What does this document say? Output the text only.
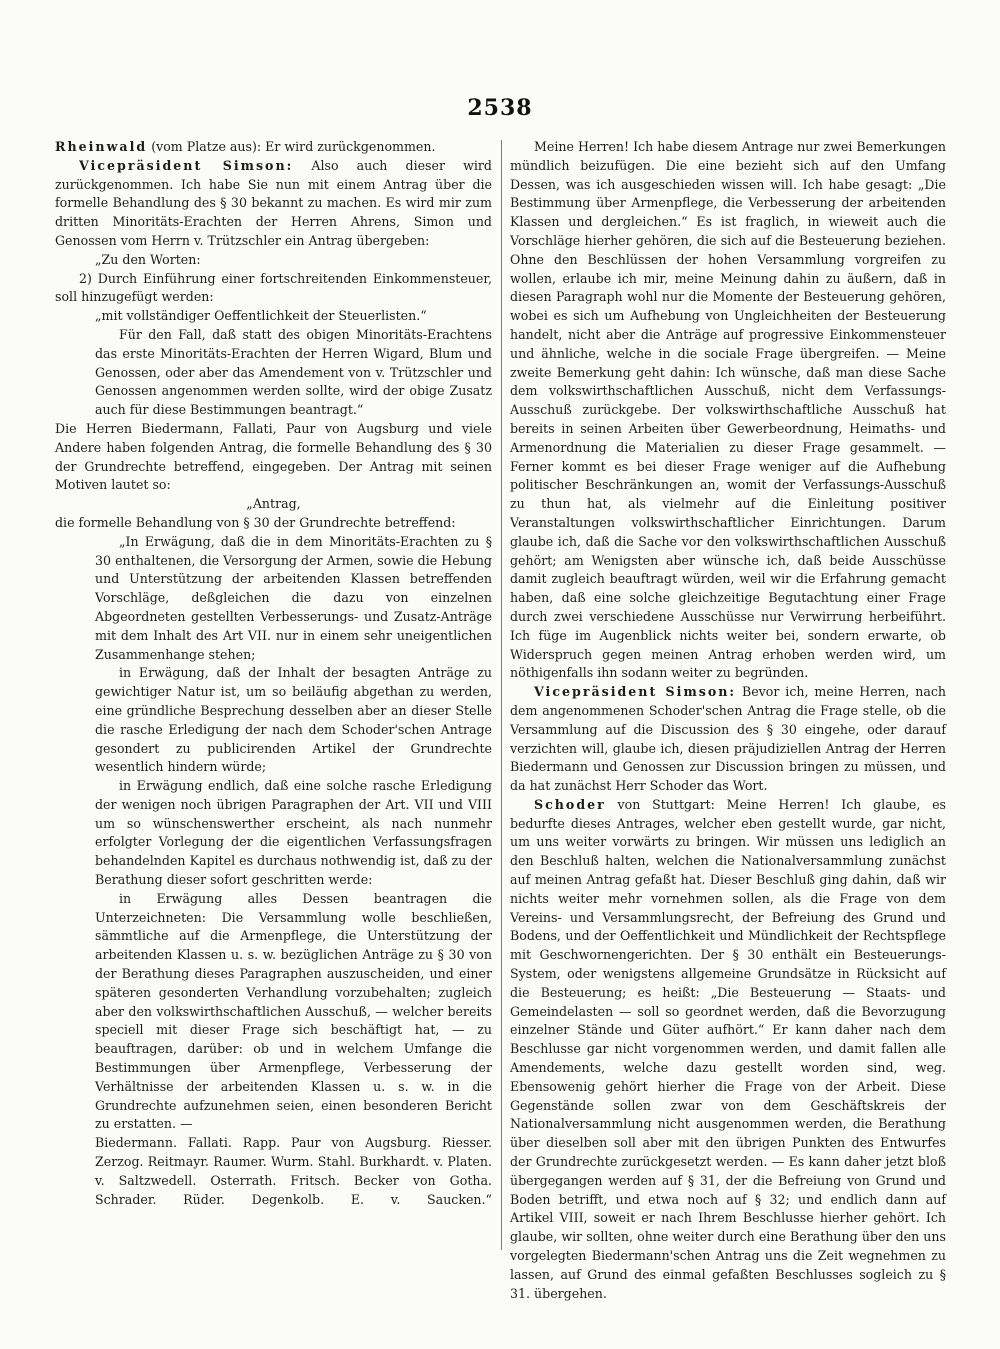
2538

Rheinwald (vom Platze aus): Er wird zurückgenommen.

Vicepräsident Simson: Also auch dieser wird zurückgenommen. Ich habe Sie nun mit einem Antrag über die formelle Behandlung des § 30 bekannt zu machen. Es wird mir zum dritten Minoritäts-Erachten der Herren Ahrens, Simon und Genossen vom Herrn v. Trützschler ein Antrag übergeben:

„Zu den Worten:

2) Durch Einführung einer fortschreitenden Einkommensteuer, soll hinzugefügt werden:

„mit vollständiger Oeffentlichkeit der Steuerlisten.“

Für den Fall, daß statt des obigen Minoritäts-Erachtens das erste Minoritäts-Erachten der Herren Wigard, Blum und Genossen, oder aber das Amendement von v. Trützschler und Genossen angenommen werden sollte, wird der obige Zusatz auch für diese Bestimmungen beantragt.“

Die Herren Biedermann, Fallati, Paur von Augsburg und viele Andere haben folgenden Antrag, die formelle Behandlung des § 30 der Grundrechte betreffend, eingegeben. Der Antrag mit seinen Motiven lautet so:

„Antrag,

die formelle Behandlung von § 30 der Grundrechte betreffend:

„In Erwägung, daß die in dem Minoritäts-Erachten zu § 30 enthaltenen, die Versorgung der Armen, sowie die Hebung und Unterstützung der arbeitenden Klassen betreffenden Vorschläge, deßgleichen die dazu von einzelnen Abgeordneten gestellten Verbesserungs- und Zusatz-Anträge mit dem Inhalt des Art VII. nur in einem sehr uneigentlichen Zusammenhange stehen;

in Erwägung, daß der Inhalt der besagten Anträge zu gewichtiger Natur ist, um so beiläufig abgethan zu werden, eine gründliche Besprechung desselben aber an dieser Stelle die rasche Erledigung der nach dem Schoder'schen Antrage gesondert zu publicirenden Artikel der Grundrechte wesentlich hindern würde;

in Erwägung endlich, daß eine solche rasche Erledigung der wenigen noch übrigen Paragraphen der Art. VII und VIII um so wünschenswerther erscheint, als nach nunmehr erfolgter Vorlegung der die eigentlichen Verfassungsfragen behandelnden Kapitel es durchaus nothwendig ist, daß zu der Berathung dieser sofort geschritten werde:

in Erwägung alles Dessen beantragen die Unterzeichneten: Die Versammlung wolle beschließen, sämmtliche auf die Armenpflege, die Unterstützung der arbeitenden Klassen u. s. w. bezüglichen Anträge zu § 30 von der Berathung dieses Paragraphen auszuscheiden, und einer späteren gesonderten Verhandlung vorzubehalten; zugleich aber den volkswirthschaftlichen Ausschuß, — welcher bereits speciell mit dieser Frage sich beschäftigt hat, — zu beauftragen, darüber: ob und in welchem Umfange die Bestimmungen über Armenpflege, Verbesserung der Verhältnisse der arbeitenden Klassen u. s. w. in die Grundrechte aufzunehmen seien, einen besonderen Bericht zu erstatten. —

Biedermann. Fallati. Rapp. Paur von Augsburg. Riesser. Zerzog. Reitmayr. Raumer. Wurm. Stahl. Burkhardt. v. Platen. v. Saltzwedell. Osterrath. Fritsch. Becker von Gotha. Schrader. Rüder. Degenkolb. E. v. Saucken.“

Meine Herren! Ich habe diesem Antrage nur zwei Bemerkungen mündlich beizufügen. Die eine bezieht sich auf den Umfang Dessen, was ich ausgeschieden wissen will. Ich habe gesagt: „Die Bestimmung über Armenpflege, die Verbesserung der arbeitenden Klassen und dergleichen.“ Es ist fraglich, in wieweit auch die Vorschläge hierher gehören, die sich auf die Besteuerung beziehen. Ohne den Beschlüssen der hohen Versammlung vorgreifen zu wollen, erlaube ich mir, meine Meinung dahin zu äußern, daß in diesen Paragraph wohl nur die Momente der Besteuerung gehören, wobei es sich um Aufhebung von Ungleichheiten der Besteuerung handelt, nicht aber die Anträge auf progressive Einkommensteuer und ähnliche, welche in die sociale Frage übergreifen. — Meine zweite Bemerkung geht dahin: Ich wünsche, daß man diese Sache dem volkswirthschaftlichen Ausschuß, nicht dem Verfassungs-Ausschuß zurückgebe. Der volkswirthschaftliche Ausschuß hat bereits in seinen Arbeiten über Gewerbeordnung, Heimaths- und Armenordnung die Materialien zu dieser Frage gesammelt. — Ferner kommt es bei dieser Frage weniger auf die Aufhebung politischer Beschränkungen an, womit der Verfassungs-Ausschuß zu thun hat, als vielmehr auf die Einleitung positiver Veranstaltungen volkswirthschaftlicher Einrichtungen. Darum glaube ich, daß die Sache vor den volkswirthschaftlichen Ausschuß gehört; am Wenigsten aber wünsche ich, daß beide Ausschüsse damit zugleich beauftragt würden, weil wir die Erfahrung gemacht haben, daß eine solche gleichzeitige Begutachtung einer Frage durch zwei verschiedene Ausschüsse nur Verwirrung herbeiführt. Ich füge im Augenblick nichts weiter bei, sondern erwarte, ob Widerspruch gegen meinen Antrag erhoben werden wird, um nöthigenfalls ihn sodann weiter zu begründen.

Vicepräsident Simson: Bevor ich, meine Herren, nach dem angenommenen Schoder'schen Antrag die Frage stelle, ob die Versammlung auf die Discussion des § 30 eingehe, oder darauf verzichten will, glaube ich, diesen präjudiziellen Antrag der Herren Biedermann und Genossen zur Discussion bringen zu müssen, und da hat zunächst Herr Schoder das Wort.

Schoder von Stuttgart: Meine Herren! Ich glaube, es bedurfte dieses Antrages, welcher eben gestellt wurde, gar nicht, um uns weiter vorwärts zu bringen. Wir müssen uns lediglich an den Beschluß halten, welchen die Nationalversammlung zunächst auf meinen Antrag gefaßt hat. Dieser Beschluß ging dahin, daß wir nichts weiter mehr vornehmen sollen, als die Frage von dem Vereins- und Versammlungsrecht, der Befreiung des Grund und Bodens, und der Oeffentlichkeit und Mündlichkeit der Rechtspflege mit Geschwornengerichten. Der § 30 enthält ein Besteuerungs-System, oder wenigstens allgemeine Grundsätze in Rücksicht auf die Besteuerung; es heißt: „Die Besteuerung — Staats- und Gemeindelasten — soll so geordnet werden, daß die Bevorzugung einzelner Stände und Güter aufhört.“ Er kann daher nach dem Beschlusse gar nicht vorgenommen werden, und damit fallen alle Amendements, welche dazu gestellt worden sind, weg. Ebensowenig gehört hierher die Frage von der Arbeit. Diese Gegenstände sollen zwar von dem Geschäftskreis der Nationalversammlung nicht ausgenommen werden, die Berathung über dieselben soll aber mit den übrigen Punkten des Entwurfes der Grundrechte zurückgesetzt werden. — Es kann daher jetzt bloß übergegangen werden auf § 31, der die Befreiung von Grund und Boden betrifft, und etwa noch auf § 32; und endlich dann auf Artikel VIII, soweit er nach Ihrem Beschlusse hierher gehört. Ich glaube, wir sollten, ohne weiter durch eine Berathung über den uns vorgelegten Biedermann'schen Antrag uns die Zeit wegnehmen zu lassen, auf Grund des einmal gefaßten Beschlusses sogleich zu § 31. übergehen.
